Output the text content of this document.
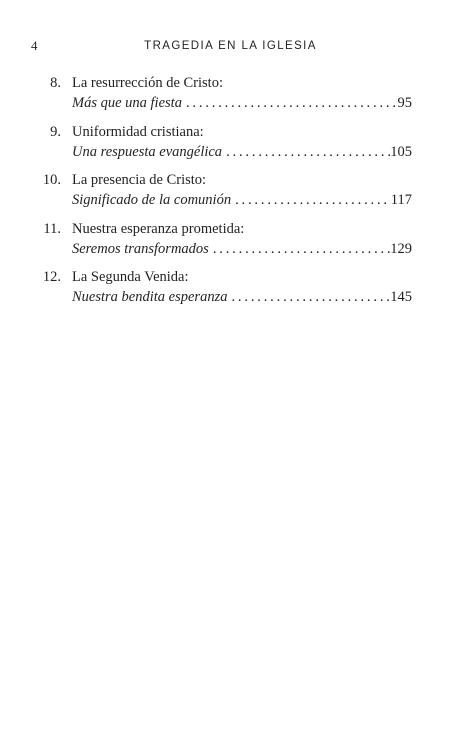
4	TRAGEDIA EN LA IGLESIA
8. La resurrección de Cristo:
Más que una fiesta . . .	95
9. Uniformidad cristiana:
Una respuesta evangélica . . .	105
10. La presencia de Cristo:
Significado de la comunión . . .	117
11. Nuestra esperanza prometida:
Seremos transformados . . .	129
12. La Segunda Venida:
Nuestra bendita esperanza . . .	145
